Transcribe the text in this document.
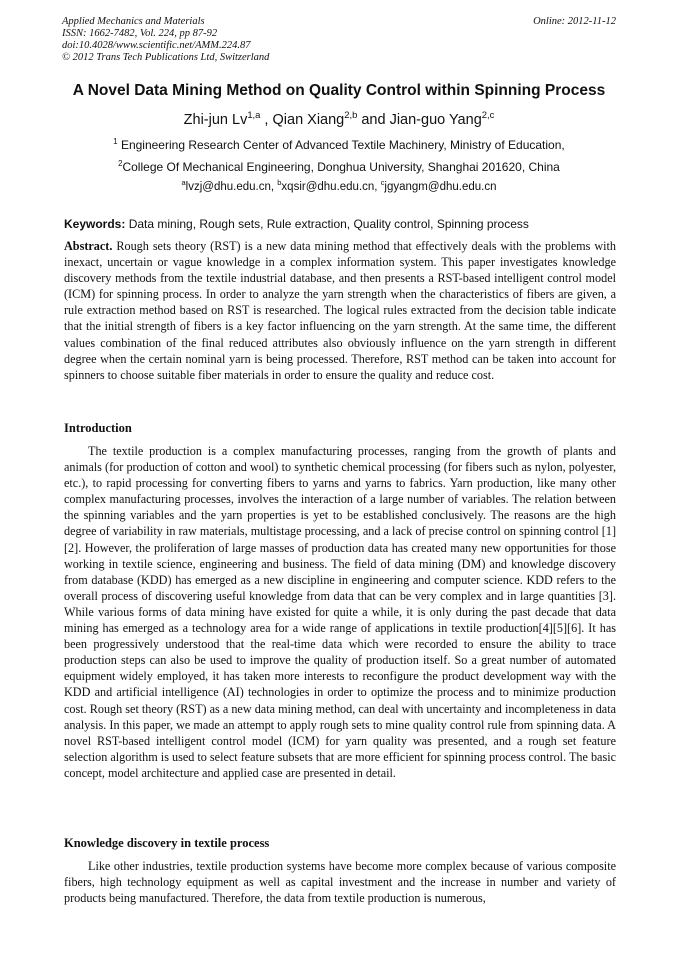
Applied Mechanics and Materials
ISSN: 1662-7482, Vol. 224, pp 87-92
doi:10.4028/www.scientific.net/AMM.224.87
© 2012 Trans Tech Publications Ltd, Switzerland
Online: 2012-11-12
A Novel Data Mining Method on Quality Control within Spinning Process
Zhi-jun Lv$^{1,a}$ , Qian Xiang$^{2,b}$ and Jian-guo Yang$^{2,c}$
$^1$ Engineering Research Center of Advanced Textile Machinery, Ministry of Education,
$^2$College Of Mechanical Engineering, Donghua University, Shanghai 201620, China
$^a$lvzj@dhu.edu.cn, $^b$xqsir@dhu.edu.cn, $^c$jgyangm@dhu.edu.cn
Keywords: Data mining, Rough sets, Rule extraction, Quality control, Spinning process

Abstract. Rough sets theory (RST) is a new data mining method that effectively deals with the problems with inexact, uncertain or vague knowledge in a complex information system. This paper investigates knowledge discovery methods from the textile industrial database, and then presents a RST-based intelligent control model (ICM) for spinning process. In order to analyze the yarn strength when the characteristics of fibers are given, a rule extraction method based on RST is researched. The logical rules extracted from the decision table indicate that the initial strength of fibers is a key factor influencing on the yarn strength. At the same time, the different values combination of the final reduced attributes also obviously influence on the yarn strength in different degree when the certain nominal yarn is being processed. Therefore, RST method can be taken into account for spinners to choose suitable fiber materials in order to ensure the quality and reduce cost.

Introduction

The textile production is a complex manufacturing processes, ranging from the growth of plants and animals (for production of cotton and wool) to synthetic chemical processing (for fibers such as nylon, polyester, etc.), to rapid processing for converting fibers to yarns and yarns to fabrics. Yarn production, like many other complex manufacturing processes, involves the interaction of a large number of variables. The relation between the spinning variables and the yarn properties is yet to be established conclusively. The reasons are the high degree of variability in raw materials, multistage processing, and a lack of precise control on spinning control [1][2]. However, the proliferation of large masses of production data has created many new opportunities for those working in textile science, engineering and business. The field of data mining (DM) and knowledge discovery from database (KDD) has emerged as a new discipline in engineering and computer science. KDD refers to the overall process of discovering useful knowledge from data that can be very complex and in large quantities [3]. While various forms of data mining have existed for quite a while, it is only during the past decade that data mining has emerged as a technology area for a wide range of applications in textile production[4][5][6]. It has been progressively understood that the real-time data which were recorded to ensure the ability to trace production steps can also be used to improve the quality of production itself. So a great number of automated equipment widely employed, it has taken more interests to reconfigure the product development way with the KDD and artificial intelligence (AI) technologies in order to optimize the process and to minimize production cost. Rough set theory (RST) as a new data mining method, can deal with uncertainty and incompleteness in data analysis. In this paper, we made an attempt to apply rough sets to mine quality control rule from spinning data. A novel RST-based intelligent control model (ICM) for yarn quality was presented, and a rough set feature selection algorithm is used to select feature subsets that are more efficient for spinning process control. The basic concept, model architecture and applied case are presented in detail.

Knowledge discovery in textile process

Like other industries, textile production systems have become more complex because of various composite fibers, high technology equipment as well as capital investment and the increase in number and variety of products being manufactured. Therefore, the data from textile production is numerous,
